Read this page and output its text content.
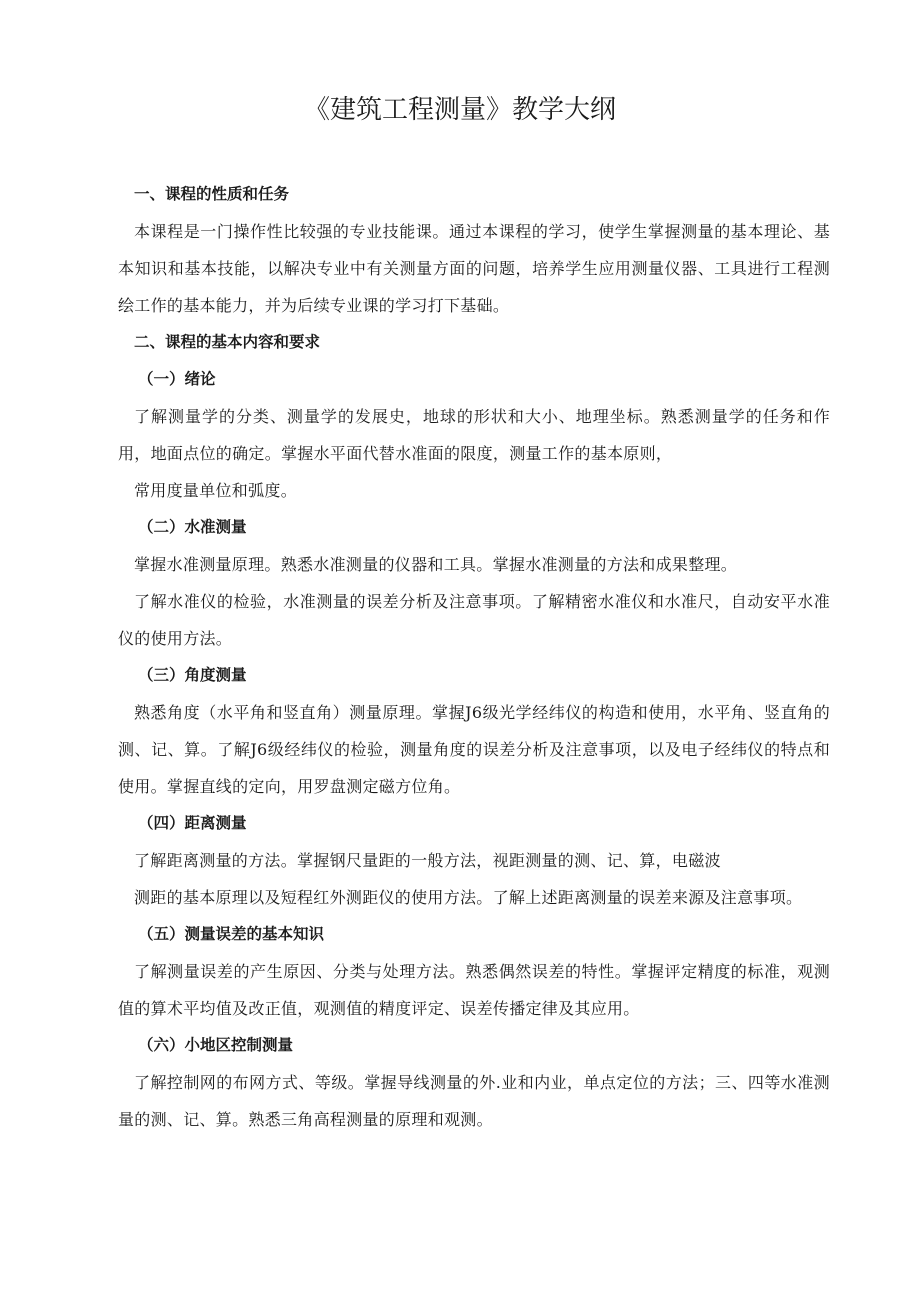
《建筑工程测量》教学大纲
一、课程的性质和任务

本课程是一门操作性比较强的专业技能课。通过本课程的学习，使学生掌握测量的基本理论、基本知识和基本技能，以解决专业中有关测量方面的问题，培养学生应用测量仪器、工具进行工程测绘工作的基本能力，并为后续专业课的学习打下基础。

二、课程的基本内容和要求
（一）绪论

了解测量学的分类、测量学的发展史，地球的形状和大小、地理坐标。熟悉测量学的任务和作用，地面点位的确定。掌握水平面代替水准面的限度，测量工作的基本原则，

常用度量单位和弧度。

（二）水准测量

掌握水准测量原理。熟悉水准测量的仪器和工具。掌握水准测量的方法和成果整理。

了解水准仪的检验，水准测量的误差分析及注意事项。了解精密水准仪和水准尺，自动安平水准仪的使用方法。

（三）角度测量

熟悉角度（水平角和竖直角）测量原理。掌握J6级光学经纬仪的构造和使用，水平角、竖直角的测、记、算。了解J6级经纬仪的检验，测量角度的误差分析及注意事项，以及电子经纬仪的特点和使用。掌握直线的定向，用罗盘测定磁方位角。

（四）距离测量

了解距离测量的方法。掌握钢尺量距的一般方法，视距测量的测、记、算，电磁波

测距的基本原理以及短程红外测距仪的使用方法。了解上述距离测量的误差来源及注意事项。

（五）测量误差的基本知识

了解测量误差的产生原因、分类与处理方法。熟悉偶然误差的特性。掌握评定精度的标准，观测值的算术平均值及改正值，观测值的精度评定、误差传播定律及其应用。

（六）小地区控制测量

了解控制网的布网方式、等级。掌握导线测量的外.业和内业，单点定位的方法；三、四等水准测量的测、记、算。熟悉三角高程测量的原理和观测。
